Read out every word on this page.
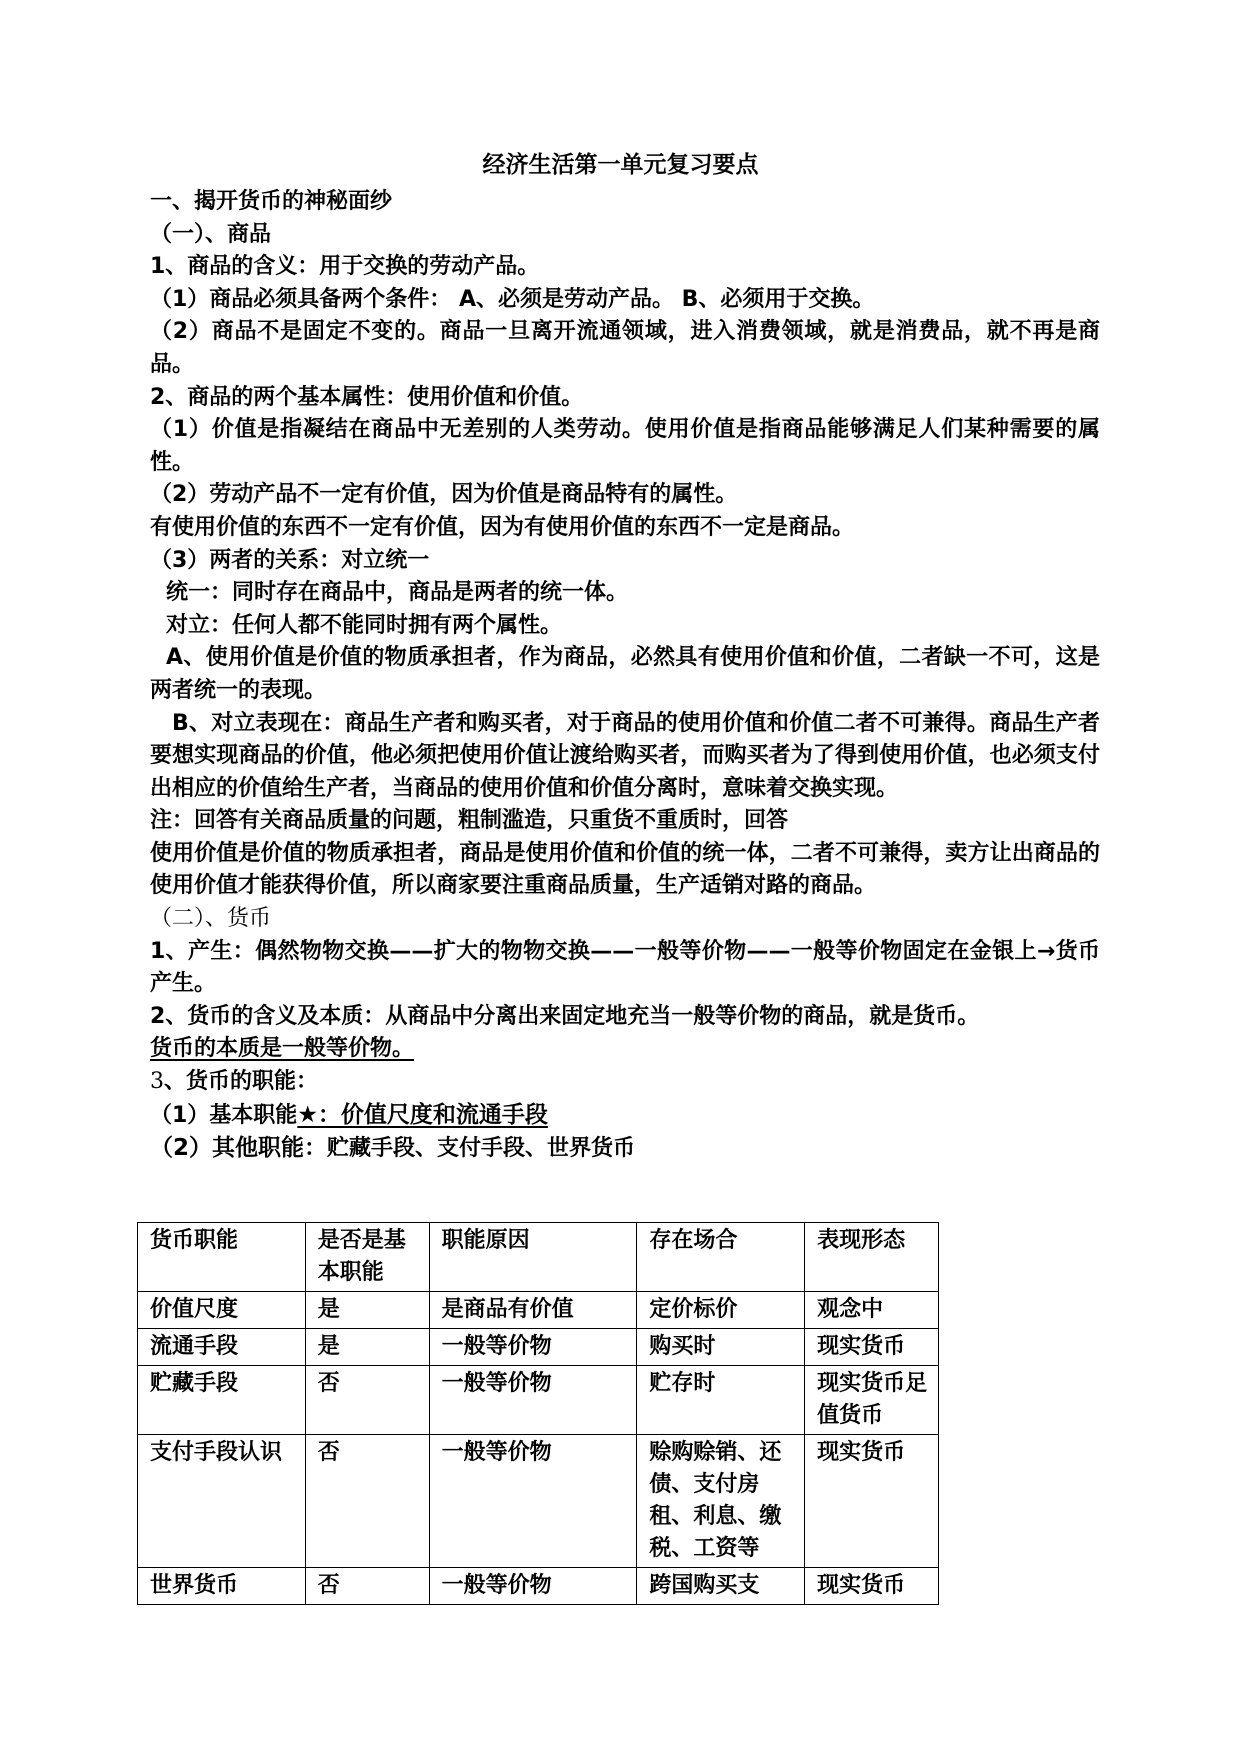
经济生活第一单元复习要点

一、揭开货币的神秘面纱

（一）、商品

1、商品的含义：用于交换的劳动产品。

（1）商品必须具备两个条件： A、必须是劳动产品。 B、必须用于交换。

（2）商品不是固定不变的。商品一旦离开流通领域，进入消费领域，就是消费品，就不再是商品。

2、商品的两个基本属性：使用价值和价值。

（1）价值是指凝结在商品中无差别的人类劳动。使用价值是指商品能够满足人们某种需要的属性。

（2）劳动产品不一定有价值，因为价值是商品特有的属性。

有使用价值的东西不一定有价值，因为有使用价值的东西不一定是商品。

（3）两者的关系：对立统一

统一：同时存在商品中，商品是两者的统一体。

对立：任何人都不能同时拥有两个属性。

A、使用价值是价值的物质承担者，作为商品，必然具有使用价值和价值，二者缺一不可，这是两者统一的表现。

B、对立表现在：商品生产者和购买者，对于商品的使用价值和价值二者不可兼得。商品生产者要想实现商品的价值，他必须把使用价值让渡给购买者，而购买者为了得到使用价值，也必须支付出相应的价值给生产者，当商品的使用价值和价值分离时，意味着交换实现。

注：回答有关商品质量的问题，粗制滥造，只重货不重质时，回答

使用价值是价值的物质承担者，商品是使用价值和价值的统一体，二者不可兼得，卖方让出商品的使用价值才能获得价值，所以商家要注重商品质量，生产适销对路的商品。

（二）、货币

1、产生：偶然物物交换——扩大的物物交换——一般等价物——一般等价物固定在金银上→货币产生。

2、货币的含义及本质：从商品中分离出来固定地充当一般等价物的商品，就是货币。

货币的本质是一般等价物。

3、货币的职能：

（1）基本职能★：价值尺度和流通手段

（2）其他职能：贮藏手段、支付手段、世界货币

货币职能	是否是基本职能	职能原因	存在场合	表现形态
价值尺度	是	是商品有价值	定价标价	观念中
流通手段	是	一般等价物	购买时	现实货币
贮藏手段	否	一般等价物	贮存时	现实货币足值货币
支付手段认识	否	一般等价物	赊购赊销、还债、支付房租、利息、缴税、工资等	现实货币
世界货币	否	一般等价物	跨国购买支	现实货币
